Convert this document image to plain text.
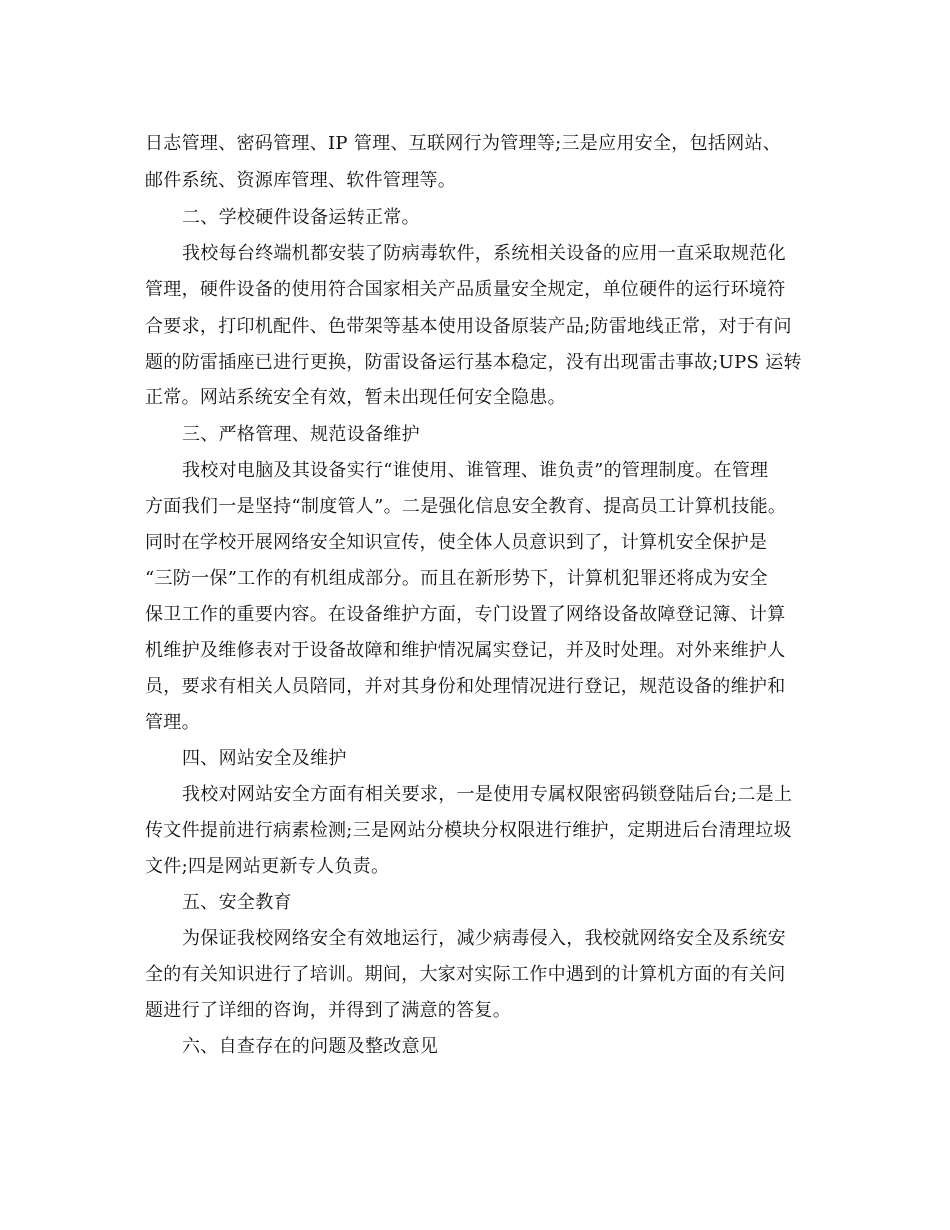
日志管理、密码管理、IP 管理、互联网行为管理等;三是应用安全，包括网站、
邮件系统、资源库管理、软件管理等。
二、学校硬件设备运转正常。
我校每台终端机都安装了防病毒软件，系统相关设备的应用一直采取规范化
管理，硬件设备的使用符合国家相关产品质量安全规定，单位硬件的运行环境符
合要求，打印机配件、色带架等基本使用设备原装产品;防雷地线正常，对于有问
题的防雷插座已进行更换，防雷设备运行基本稳定，没有出现雷击事故;UPS 运转
正常。网站系统安全有效，暂未出现任何安全隐患。
三、严格管理、规范设备维护
我校对电脑及其设备实行“谁使用、谁管理、谁负责”的管理制度。在管理
方面我们一是坚持“制度管人”。二是强化信息安全教育、提高员工计算机技能。
同时在学校开展网络安全知识宣传，使全体人员意识到了，计算机安全保护是
“三防一保”工作的有机组成部分。而且在新形势下，计算机犯罪还将成为安全
保卫工作的重要内容。在设备维护方面，专门设置了网络设备故障登记簿、计算
机维护及维修表对于设备故障和维护情况属实登记，并及时处理。对外来维护人
员，要求有相关人员陪同，并对其身份和处理情况进行登记，规范设备的维护和
管理。
四、网站安全及维护
我校对网站安全方面有相关要求，一是使用专属权限密码锁登陆后台;二是上
传文件提前进行病素检测;三是网站分模块分权限进行维护，定期进后台清理垃圾
文件;四是网站更新专人负责。
五、安全教育
为保证我校网络安全有效地运行，减少病毒侵入，我校就网络安全及系统安
全的有关知识进行了培训。期间，大家对实际工作中遇到的计算机方面的有关问
题进行了详细的咨询，并得到了满意的答复。
六、自查存在的问题及整改意见
